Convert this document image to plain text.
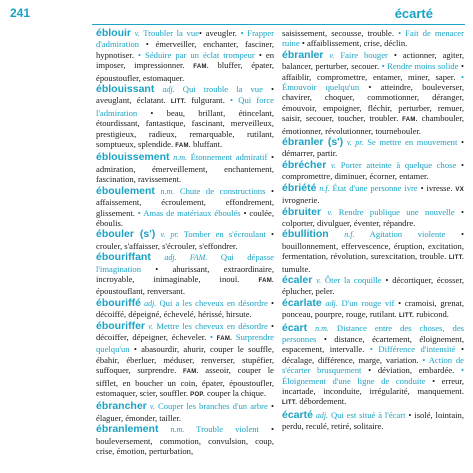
241	écarté
éblouir v. Troubler la vue• aveugler. • Frapper d'admiration • émerveiller, enchanter, fasciner, hypnotiser. • Séduire par un éclat trompeur • en imposer, impressionner. FAM. bluffer, épater, époustoufler, estomaquer.
éblouissant adj. Qui trouble la vue • aveuglant, éclatant. LITT. fulgurant. • Qui force l'admiration • beau, brillant, étincelant, étourdissant, fantastique, fascinant, merveilleux, prestigieux, radieux, remarquable, rutilant, somptueux, splendide. FAM. bluffant.
éblouissement n.m. Étonnement admiratif • admiration, émerveillement, enchantement, fascination, ravissement.
éboulement n.m. Chute de constructions • affaissement, écroulement, effondrement, glissement. • Amas de matériaux éboulés • coulée, éboulis.
ébouler (s') v. pr. Tomber en s'écroulant • crouler, s'affaisser, s'écrouler, s'effondrer.
ébouriffant adj. FAM. Qui dépasse l'imagination • ahurissant, extraordinaire, incroyable, inimaginable, inouï. FAM. époustouflant, renversant.
ébouriffé adj. Qui a les cheveux en désordre • décoiffé, dépeigné, échevelé, hérissé, hirsute.
ébouriffer v. Mettre les cheveux en désordre • décoiffer, dépeigner, écheveler. • FAM. Surprendre quelqu'un • abasourdir, ahurir, couper le souffle, ébahir, éberluer, méduser, renverser, stupéfier, suffoquer, surprendre. FAM. asseoir, couper le sifflet, en boucher un coin, épater, époustoufler, estomaquer, scier, souffler. POP. couper la chique.
ébrancher v. Couper les branches d'un arbre • élaguer, émonder, tailler.
ébranlement n.m. Trouble violent • bouleversement, commotion, convulsion, coup, crise, émotion, perturbation,
saisissement, secousse, trouble. • Fait de menacer ruine • affaiblissement, crise, déclin.
ébranler v. Faire bouger • actionner, agiter, balancer, perturber, secouer. • Rendre moins solide • affaiblir, compromettre, entamer, miner, saper. • Émouvoir quelqu'un • atteindre, bouleverser, chavirer, choquer, commotionner, déranger, émouvoir, empoigner, fléchir, perturber, remuer, saisir, secouer, toucher, troubler. FAM. chambouler, émotionner, révolutionner, tournebouler.
ébranler (s') v. pr. Se mettre en mouvement • démarrer, partir.
ébrécher v. Porter atteinte à quelque chose • compromettre, diminuer, écorner, entamer.
ébriété n.f. État d'une personne ivre • ivresse. VX ivrognerie.
ébruiter v. Rendre publique une nouvelle • colporter, divulguer, éventer, répandre.
ébullition n.f. Agitation violente • bouillonnement, effervescence, éruption, excitation, fermentation, révolution, surexcitation, trouble. LITT. tumulte.
écaler v. Ôter la coquille • décortiquer, écosser, éplucher, peler.
écarlate adj. D'un rouge vif • cramoisi, grenat, ponceau, pourpre, rouge, rutilant. LITT. rubicond.
écart n.m. Distance entre des choses, des personnes • distance, écartement, éloignement, espacement, intervalle. • Différence d'intensité • décalage, différence, marge, variation. • Action de s'écarter brusquement • déviation, embardée. • Éloignement d'une ligne de conduite • erreur, incartade, inconduite, irrégularité, manquement. LITT. débordement.
écarté adj. Qui est situé à l'écart • isolé, lointain, perdu, reculé, retiré, solitaire.
